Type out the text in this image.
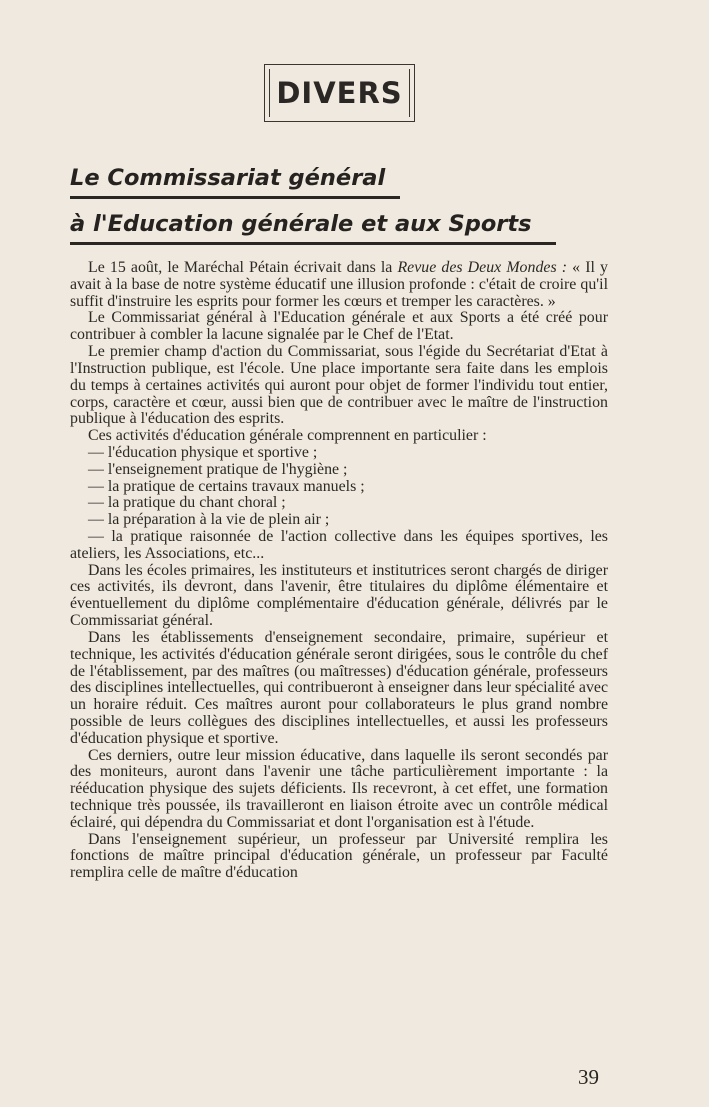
DIVERS
Le Commissariat général
à l'Education générale et aux Sports

Le 15 août, le Maréchal Pétain écrivait dans la Revue des Deux Mondes : « Il y avait à la base de notre système éducatif une illusion profonde : c'était de croire qu'il suffit d'instruire les esprits pour former les cœurs et tremper les caractères. »

Le Commissariat général à l'Education générale et aux Sports a été créé pour contribuer à combler la lacune signalée par le Chef de l'Etat.

Le premier champ d'action du Commissariat, sous l'égide du Secrétariat d'Etat à l'Instruction publique, est l'école. Une place importante sera faite dans les emplois du temps à certaines activités qui auront pour objet de former l'individu tout entier, corps, caractère et cœur, aussi bien que de contribuer avec le maître de l'instruction publique à l'éducation des esprits.

Ces activités d'éducation générale comprennent en particulier :

— l'éducation physique et sportive ;

— l'enseignement pratique de l'hygiène ;

— la pratique de certains travaux manuels ;

— la pratique du chant choral ;

— la préparation à la vie de plein air ;

— la pratique raisonnée de l'action collective dans les équipes sportives, les ateliers, les Associations, etc...

Dans les écoles primaires, les instituteurs et institutrices seront chargés de diriger ces activités, ils devront, dans l'avenir, être titulaires du diplôme élémentaire et éventuellement du diplôme complémentaire d'éducation générale, délivrés par le Commissariat général.

Dans les établissements d'enseignement secondaire, primaire, supérieur et technique, les activités d'éducation générale seront dirigées, sous le contrôle du chef de l'établissement, par des maîtres (ou maîtresses) d'éducation générale, professeurs des disciplines intellectuelles, qui contribueront à enseigner dans leur spécialité avec un horaire réduit. Ces maîtres auront pour collaborateurs le plus grand nombre possible de leurs collègues des disciplines intellectuelles, et aussi les professeurs d'éducation physique et sportive.

Ces derniers, outre leur mission éducative, dans laquelle ils seront secondés par des moniteurs, auront dans l'avenir une tâche particulièrement importante : la rééducation physique des sujets déficients. Ils recevront, à cet effet, une formation technique très poussée, ils travailleront en liaison étroite avec un contrôle médical éclairé, qui dépendra du Commissariat et dont l'organisation est à l'étude.

Dans l'enseignement supérieur, un professeur par Université remplira les fonctions de maître principal d'éducation générale, un professeur par Faculté remplira celle de maître d'éducation

39
